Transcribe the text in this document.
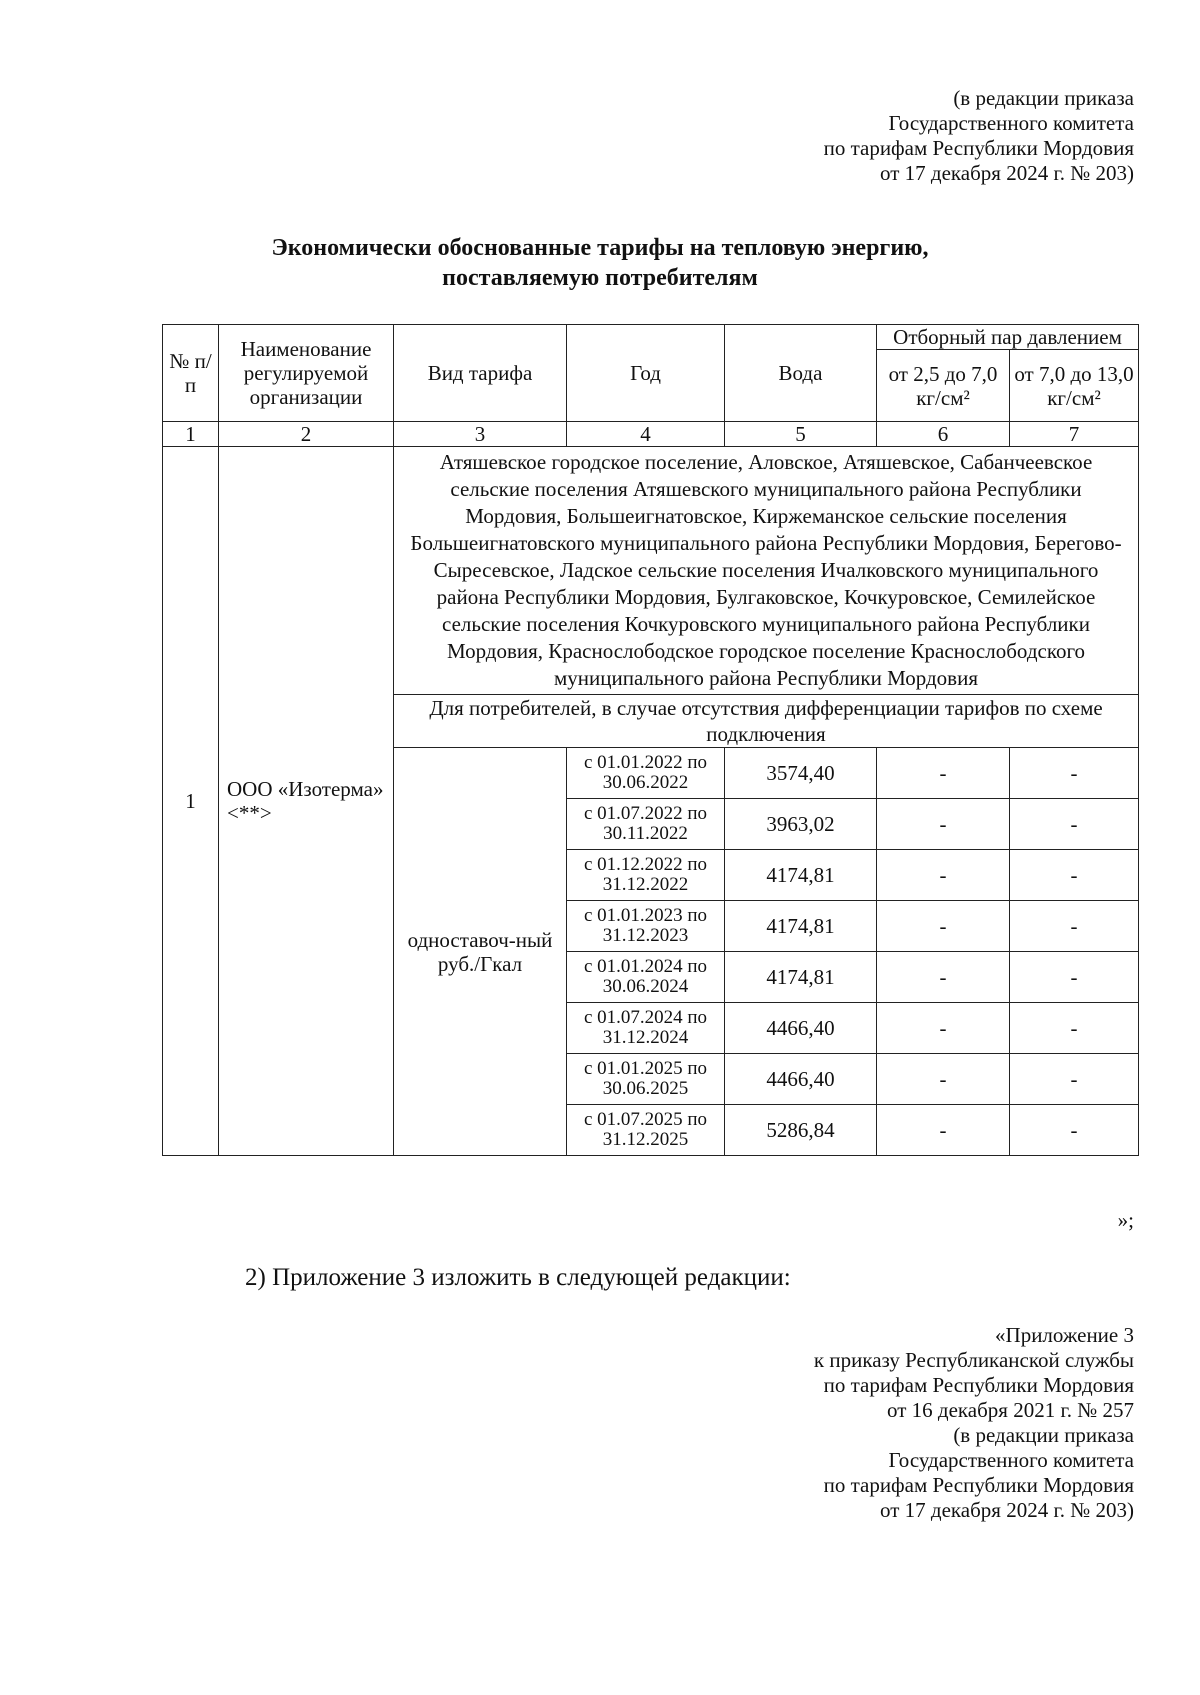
(в редакции приказа
Государственного комитета
по тарифам Республики Мордовия
от 17 декабря 2024 г. № 203)
Экономически обоснованные тарифы на тепловую энергию,
поставляемую потребителям
№ п/п	Наименование регулируемой организации	Вид тарифа	Год	Вода	Отборный пар давлением	
					от 2,5 до 7,0 кг/см²	от 7,0 до 13,0 кг/см²
1	2	3	4	5	6	7
1	ООО «Изотерма» <**>	Атяшевское городское поселение, Аловское, Атяшевское, Сабанчеевское сельские поселения Атяшевского муниципального района Республики Мордовия, Большеигнатовское, Киржеманское сельские поселения Большеигнатовского муниципального района Республики Мордовия, Берегово-Сыресевское, Ладское сельские поселения Ичалковского муниципального района Республики Мордовия, Булгаковское, Кочкуровское, Семилейское сельские поселения Кочкуровского муниципального района Республики Мордовия, Краснослободское городское поселение Краснослободского муниципального района Республики Мордовия				
		Для потребителей, в случае отсутствия дифференциации тарифов по схеме подключения				
		одноставоч-ный руб./Гкал	с 01.01.2022 по 30.06.2022	3574,40	-	-
			с 01.07.2022 по 30.11.2022	3963,02	-	-
			с 01.12.2022 по 31.12.2022	4174,81	-	-
			с 01.01.2023 по 31.12.2023	4174,81	-	-
			с 01.01.2024 по 30.06.2024	4174,81	-	-
			с 01.07.2024 по 31.12.2024	4466,40	-	-
			с 01.01.2025 по 30.06.2025	4466,40	-	-
			с 01.07.2025 по 31.12.2025	5286,84	-	-
»;
2) Приложение 3 изложить в следующей редакции:
«Приложение 3
к приказу Республиканской службы
по тарифам Республики Мордовия
от 16 декабря 2021 г. № 257
(в редакции приказа
Государственного комитета
по тарифам Республики Мордовия
от 17 декабря 2024 г. № 203)
